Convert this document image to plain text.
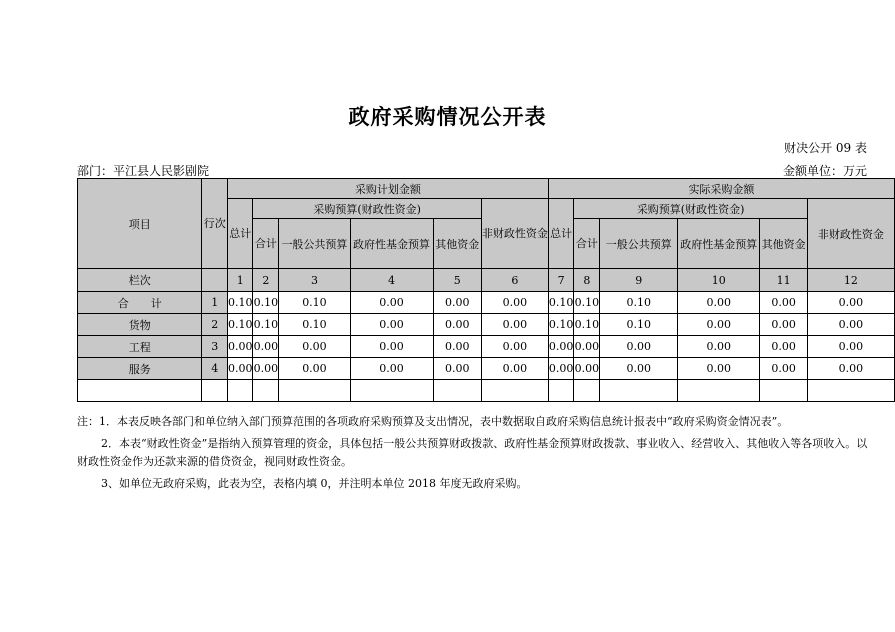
政府采购情况公开表
财决公开 09 表
部门：平江县人民影剧院	金额单位：万元
项目	行次	采购计划金额						实际采购金额					
		总计	采购预算(财政性资金)				非财政性资金	总计	采购预算(财政性资金)				非财政性资金
			合计	一般公共预算	政府性基金预算	其他资金			合计	一般公共预算	政府性基金预算	其他资金	
栏次		1	2	3	4	5	6	7	8	9	10	11	12
合　　计	1	0.10	0.10	0.10	0.00	0.00	0.00	0.10	0.10	0.10	0.00	0.00	0.00
货物	2	0.10	0.10	0.10	0.00	0.00	0.00	0.10	0.10	0.10	0.00	0.00	0.00
工程	3	0.00	0.00	0.00	0.00	0.00	0.00	0.00	0.00	0.00	0.00	0.00	0.00
服务	4	0.00	0.00	0.00	0.00	0.00	0.00	0.00	0.00	0.00	0.00	0.00	0.00

注：1．本表反映各部门和单位纳入部门预算范围的各项政府采购预算及支出情况，表中数据取自政府采购信息统计报表中“政府采购资金情况表”。

2．本表“财政性资金”是指纳入预算管理的资金，具体包括一般公共预算财政拨款、政府性基金预算财政拨款、事业收入、经营收入、其他收入等各项收入。以财政性资金作为还款来源的借贷资金，视同财政性资金。

3、如单位无政府采购，此表为空，表格内填 0，并注明本单位 2018 年度无政府采购。
